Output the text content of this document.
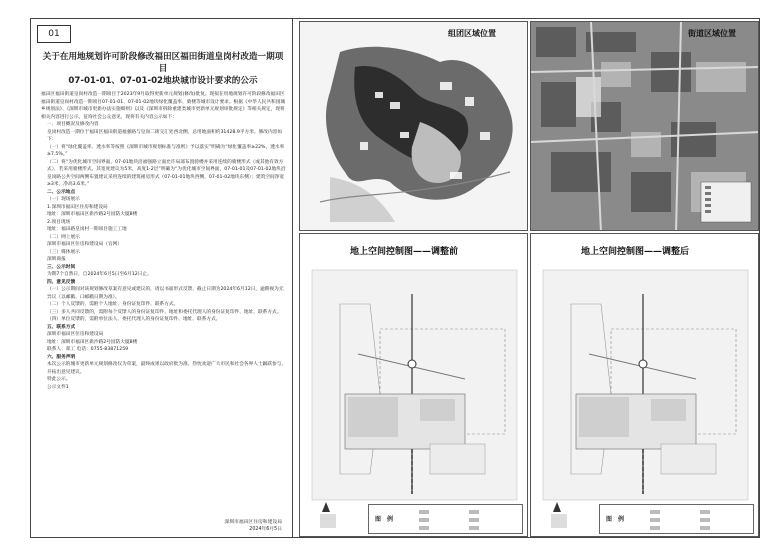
01
关于在用地规划许可阶段修改福田区福田街道皇岗村改造一期项目
07-01-01、07-01-02地块城市设计要求的公示

福田区福田街道皇岗村改造一期项目于2023年9月取得更新单元规划(修改)批复。现拟在用地规划许可阶段修改福田区福田街道皇岗村改造一期项目07-01-01、07-01-02地块绿化覆盖率、骑楼等城市设计要求。根据《中华人民共和国城乡规划法》、《深圳市城市更新办法实施细则》以及《深圳市拆除重建类城市更新单元规划审批规定》等相关规定，现将相关内容进行公示，征询社会公众意见，现将有关内容公示如下：

一、项目概况及修改内容

皇岗村改造一期位于福田区福田街道福强路与皇岗二街交汇处西北侧，总用地面积约31428.9平方米。修改内容如下：

（一）将“绿化覆盖率、透水率等按照《深圳市城市规划标准与准则》予以落实”明确为“绿化覆盖率≥22%，透水率≥7.5%。”

（二）将“为优化城市空间界面，07-01地块沿福强路立面允许局部布置骑楼并采用连续的骑楼形式（或其他有效方式），若采用骑楼形式，其宽度建议为5米，高度1-2层”明确为“为优化城市空间界面，07-01-01及07-01-02地块沿皇岗路公共空间两侧布置建议采用连续的建筑裙房形式（07-01-01地块西侧、07-01-02地块东侧）；建筑空间净宽≥3米，净高3.6米。”

二、公示地点

（一）现场展示

1.深圳市福田区住房和建设局

地址：深圳市福田区新沙路2号园防大厦8楼

2.项目现场

地址：福田路皇岗村一期项目施工工地

（二）网上展示

深圳市福田区住房和建设局（官网）

（三）媒体展示

深圳商报

三、公示时间

为期7个自然日，自2024年6月5日至6月12日止。

四、意见反馈

（一）公示期间对该规划修改草案有意见或建议的，请以书面形式反馈，截止日期为2024年6月12日，逾期视为无异议（以邮戳、口邮戳日期为准）。

（二）个人反馈的，需附个人地址、身份证复印件、联系方式。

（三）多人共同反馈的，需附每个反馈人的身份证复印件、地址和委托代理人的身份证复印件、地址、联系方式。

（四）单位反馈的，需附单位法人、委托代理人的身份证复印件、地址、联系方式。

五、联系方式

深圳市福田区住房和建设局

地址：深圳市福田区新沙路2号园防大厦8楼

联系人：郑工 电话：0755-83871259

六、服务声明

本次公示的城市更新单元规划修改仅为草案，最终成果以政府批为准。热忱欢迎广大市民和社会各界人士踊跃参与，开拓出意见建议。

特此公示。

公示文件1

深圳市福田区住房和建设局
2024年6月5日
组团区域位置	街道区域位置
地上空间控制图——调整前
图　例
地上空间控制图——调整后
图　例
